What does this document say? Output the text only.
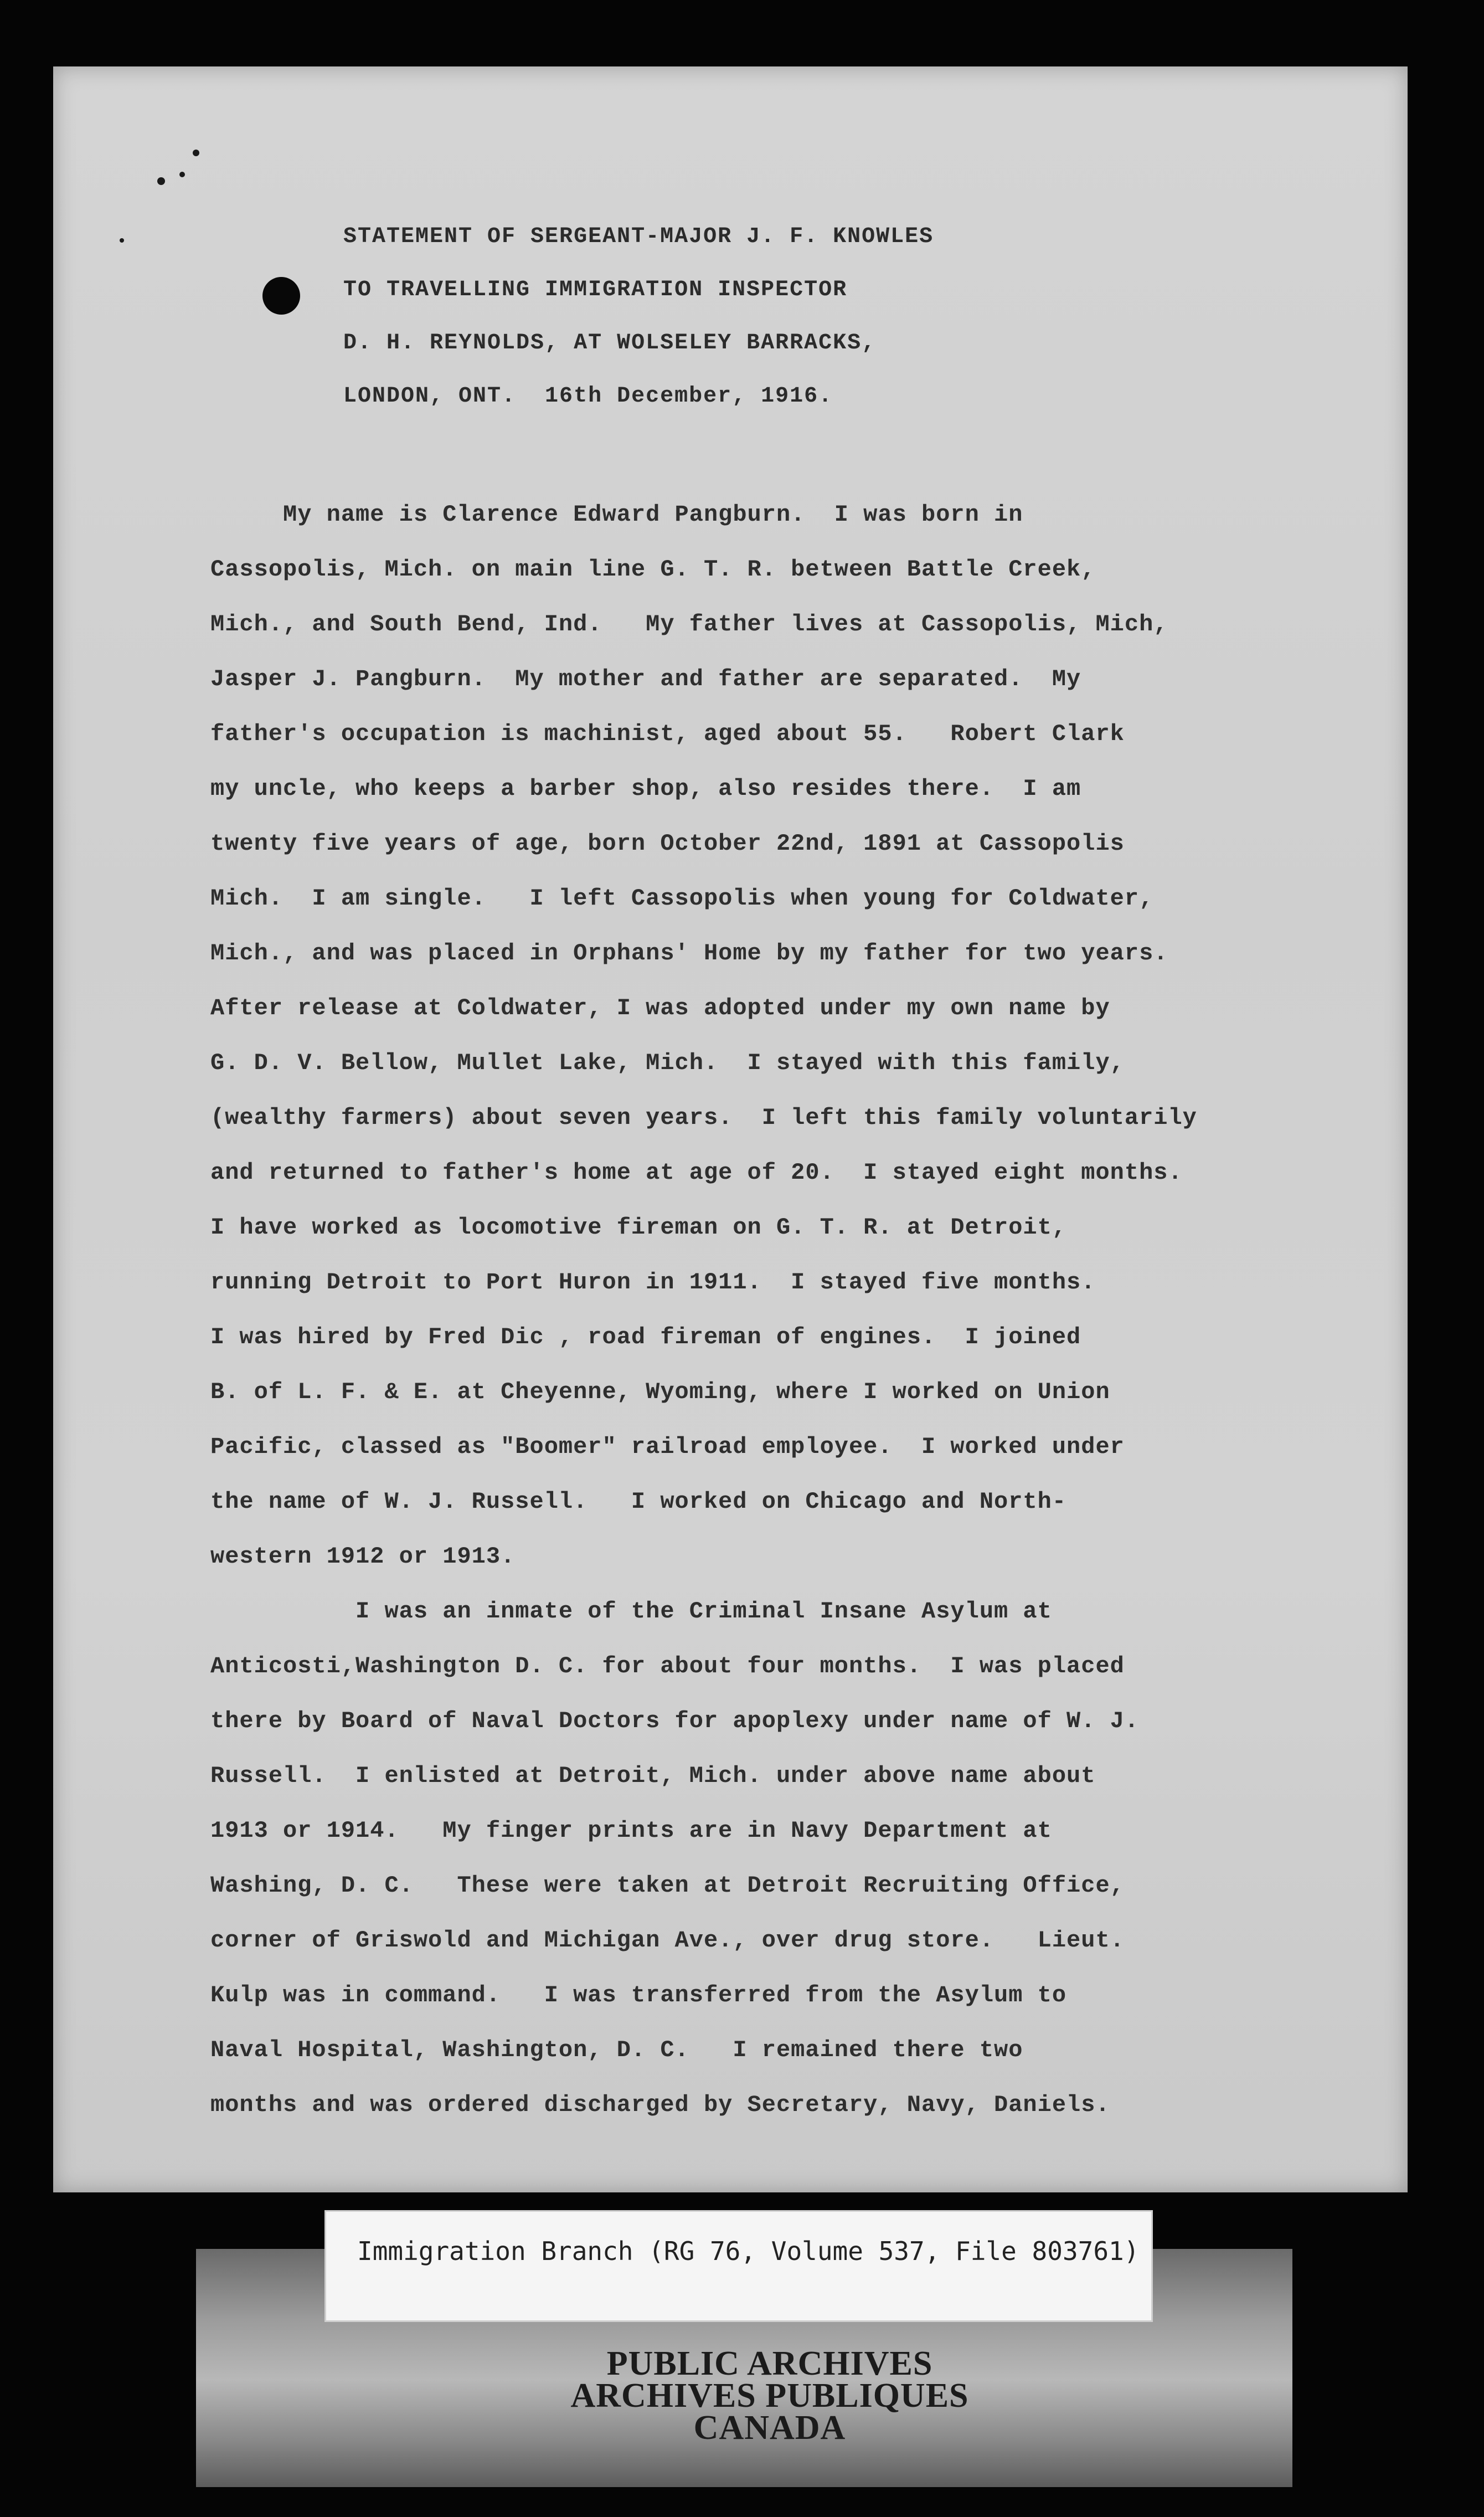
STATEMENT OF SERGEANT-MAJOR J. F. KNOWLES
TO TRAVELLING IMMIGRATION INSPECTOR
D. H. REYNOLDS, AT WOLSELEY BARRACKS,
LONDON, ONT.  16th December, 1916.
My name is Clarence Edward Pangburn.  I was born in
Cassopolis, Mich. on main line G. T. R. between Battle Creek,
Mich., and South Bend, Ind.   My father lives at Cassopolis, Mich,
Jasper J. Pangburn.  My mother and father are separated.  My
father's occupation is machinist, aged about 55.   Robert Clark
my uncle, who keeps a barber shop, also resides there.  I am
twenty five years of age, born October 22nd, 1891 at Cassopolis
Mich.  I am single.   I left Cassopolis when young for Coldwater,
Mich., and was placed in Orphans' Home by my father for two years.
After release at Coldwater, I was adopted under my own name by
G. D. V. Bellow, Mullet Lake, Mich.  I stayed with this family,
(wealthy farmers) about seven years.  I left this family voluntarily
and returned to father's home at age of 20.  I stayed eight months.
I have worked as locomotive fireman on G. T. R. at Detroit,
running Detroit to Port Huron in 1911.  I stayed five months.
I was hired by Fred Dic , road fireman of engines.  I joined
B. of L. F. & E. at Cheyenne, Wyoming, where I worked on Union
Pacific, classed as "Boomer" railroad employee.  I worked under
the name of W. J. Russell.   I worked on Chicago and North-
western 1912 or 1913.
I was an inmate of the Criminal Insane Asylum at
Anticosti,Washington D. C. for about four months.  I was placed
there by Board of Naval Doctors for apoplexy under name of W. J.
Russell.  I enlisted at Detroit, Mich. under above name about
1913 or 1914.   My finger prints are in Navy Department at
Washing, D. C.   These were taken at Detroit Recruiting Office,
corner of Griswold and Michigan Ave., over drug store.   Lieut.
Kulp was in command.   I was transferred from the Asylum to
Naval Hospital, Washington, D. C.   I remained there two
months and was ordered discharged by Secretary, Navy, Daniels.
Immigration Branch (RG 76, Volume 537, File 803761)
PUBLIC ARCHIVES
ARCHIVES PUBLIQUES
CANADA
